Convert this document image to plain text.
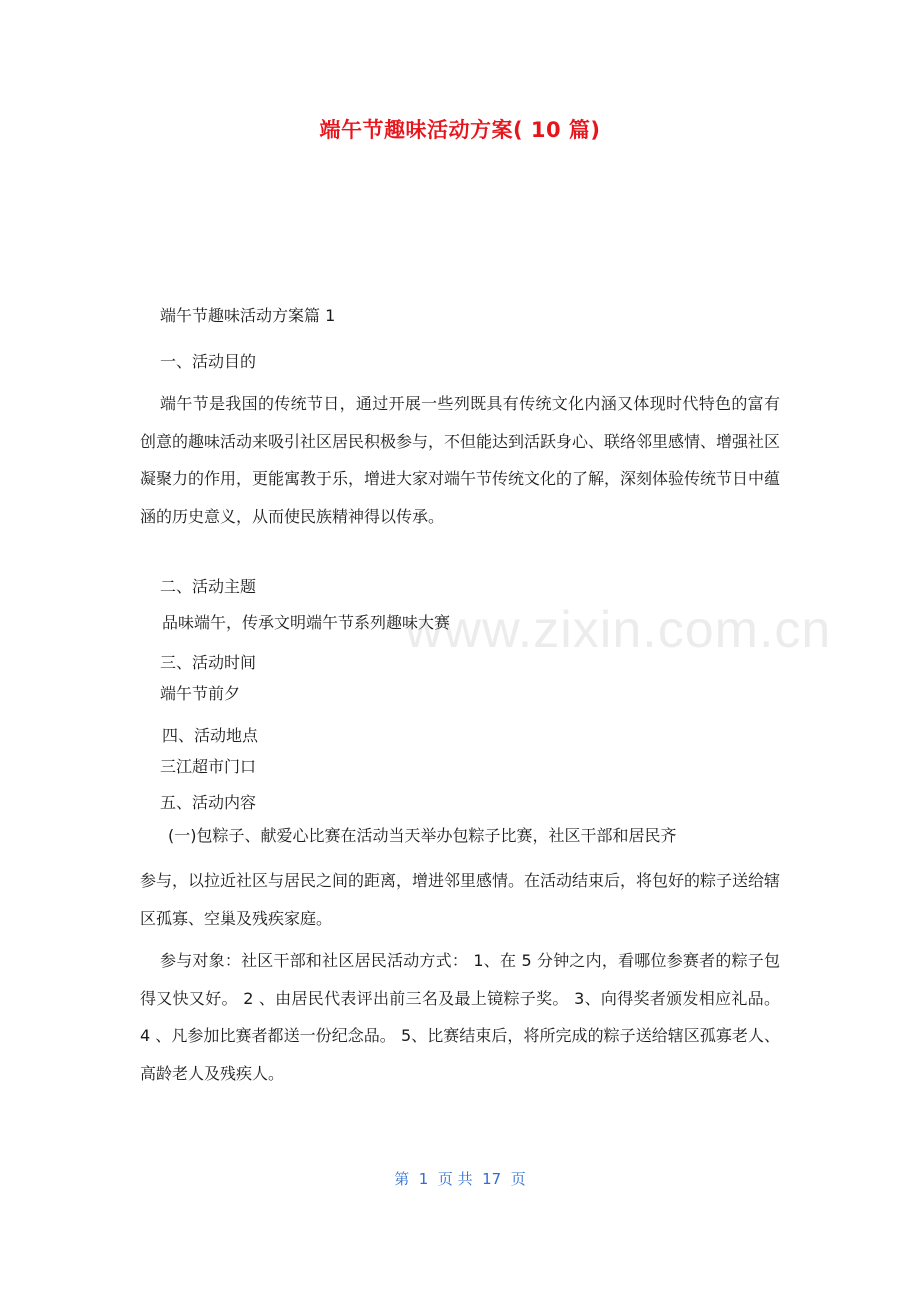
端午节趣味活动方案( 10 篇)
www.zixin.com.cn
端午节趣味活动方案篇 1
一、活动目的
端午节是我国的传统节日，通过开展一些列既具有传统文化内涵又体现时代特色的富有创意的趣味活动来吸引社区居民积极参与，不但能达到活跃身心、联络邻里感情、增强社区凝聚力的作用，更能寓教于乐，增进大家对端午节传统文化的了解，深刻体验传统节日中蕴涵的历史意义，从而使民族精神得以传承。
二、活动主题
品味端午，传承文明端午节系列趣味大赛
三、活动时间
端午节前夕
四、活动地点
三江超市门口
五、活动内容
(一)包粽子、献爱心比赛在活动当天举办包粽子比赛，社区干部和居民齐
参与，以拉近社区与居民之间的距离，增进邻里感情。在活动结束后，将包好的粽子送给辖区孤寡、空巢及残疾家庭。
参与对象：社区干部和社区居民活动方式： 1、在 5 分钟之内，看哪位参赛者的粽子包得又快又好。 2 、由居民代表评出前三名及最上镜粽子奖。 3、向得奖者颁发相应礼品。 4 、凡参加比赛者都送一份纪念品。 5、比赛结束后，将所完成的粽子送给辖区孤寡老人、高龄老人及残疾人。
第  1  页 共  17  页
